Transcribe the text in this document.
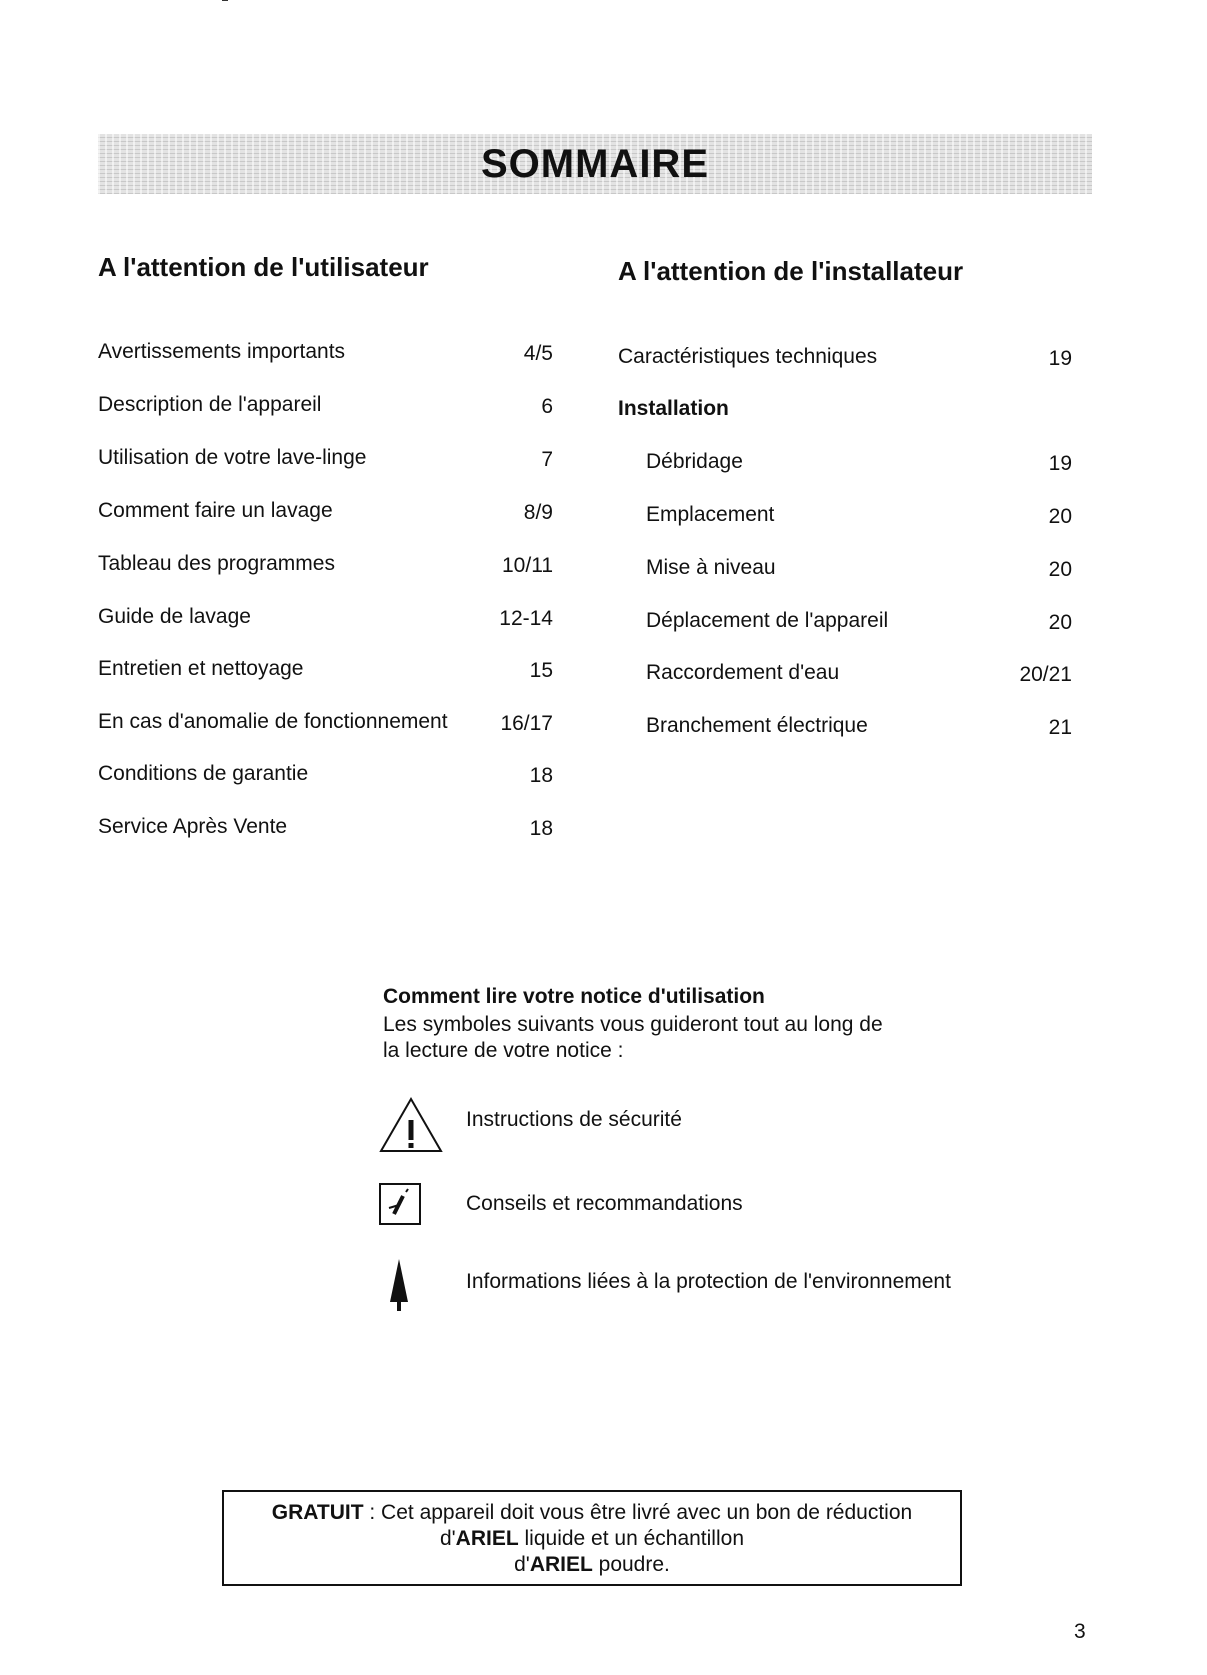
SOMMAIRE
A l'attention de l'utilisateur	A l'attention de l'installateur
Avertissements importants	4/5
Description de l'appareil	6
Utilisation de votre lave-linge	7
Comment faire un lavage	8/9
Tableau des programmes	10/11
Guide de lavage	12-14
Entretien et nettoyage	15
En cas d'anomalie de fonctionnement	16/17
Conditions de garantie	18
Service Après Vente	18
Caractéristiques techniques	19
Installation
Débridage	19
Emplacement	20
Mise à niveau	20
Déplacement de l'appareil	20
Raccordement d'eau	20/21
Branchement électrique	21
Comment lire votre notice d'utilisation
Les symboles suivants vous guideront tout au long de
la lecture de votre notice :
Instructions de sécurité
Conseils et recommandations
Informations liées à la protection de l'environnement
GRATUIT : Cet appareil doit vous être livré avec un bon de réduction
d'ARIEL liquide et un échantillon
d'ARIEL poudre.
3
